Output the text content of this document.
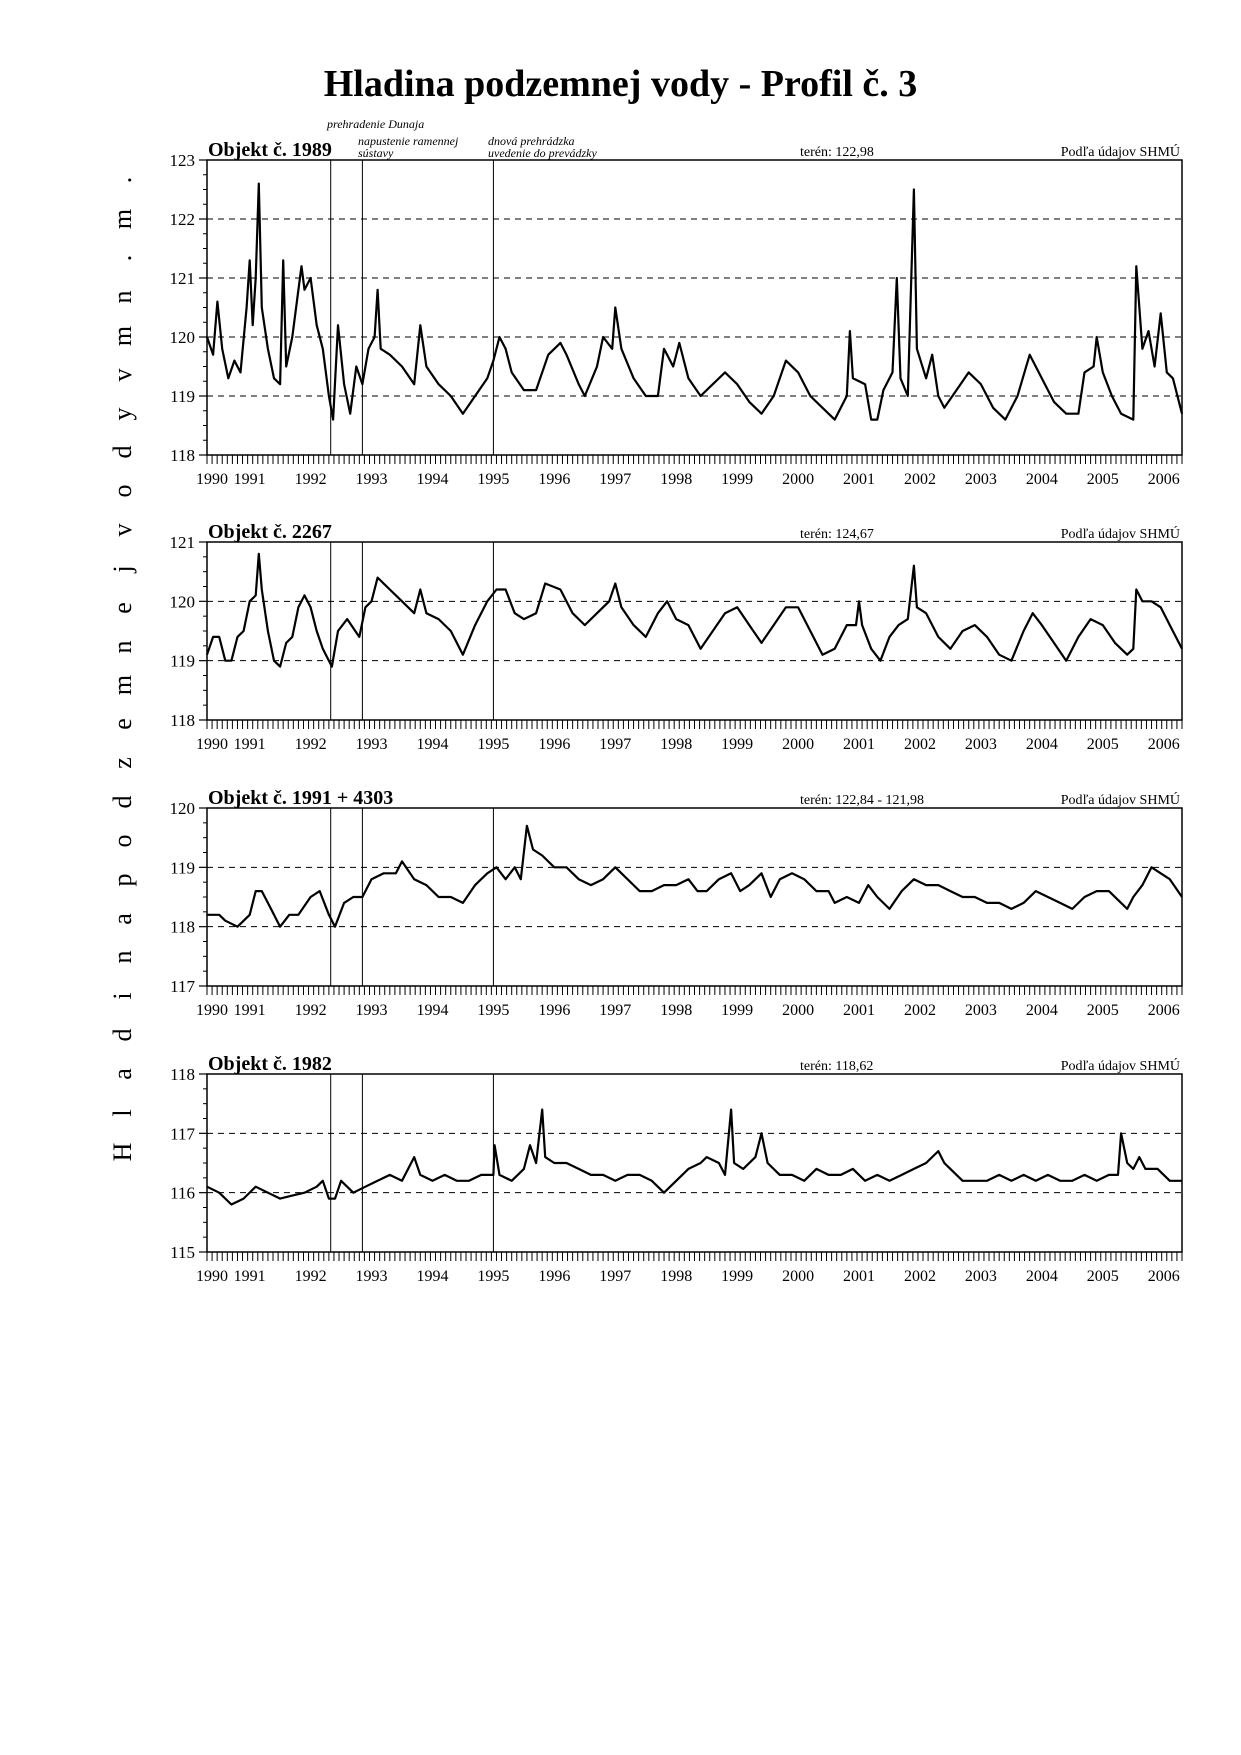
Hladina podzemnej vody - Profil č. 3
H
l
a
d
i
n
a
p
o
d
z
e
m
n
e
j
v
o
d
y
v
m
n
.
m
.
118
119
120
121
122
123
1990 1991 1992 1993 1994 1995 1996 1997 1998 1999 2000 2001 2002 2003 2004 2005 2006
Objekt č. 1989	terén: 122,98	Podľa údajov SHMÚ
118
119
120
121
1990 1991 1992 1993 1994 1995 1996 1997 1998 1999 2000 2001 2002 2003 2004 2005 2006
Objekt č. 2267	terén: 124,67	Podľa údajov SHMÚ
117
118
119
120
1990 1991 1992 1993 1994 1995 1996 1997 1998 1999 2000 2001 2002 2003 2004 2005 2006
Objekt č. 1991 + 4303	terén: 122,84 - 121,98	Podľa údajov SHMÚ
115
116
117
118
1990 1991 1992 1993 1994 1995 1996 1997 1998 1999 2000 2001 2002 2003 2004 2005 2006
Objekt č. 1982	terén: 118,62	Podľa údajov SHMÚ
prehradenie Dunaja
napustenie ramennej sústavy
dnová prehrádzka uvedenie do prevádzky
